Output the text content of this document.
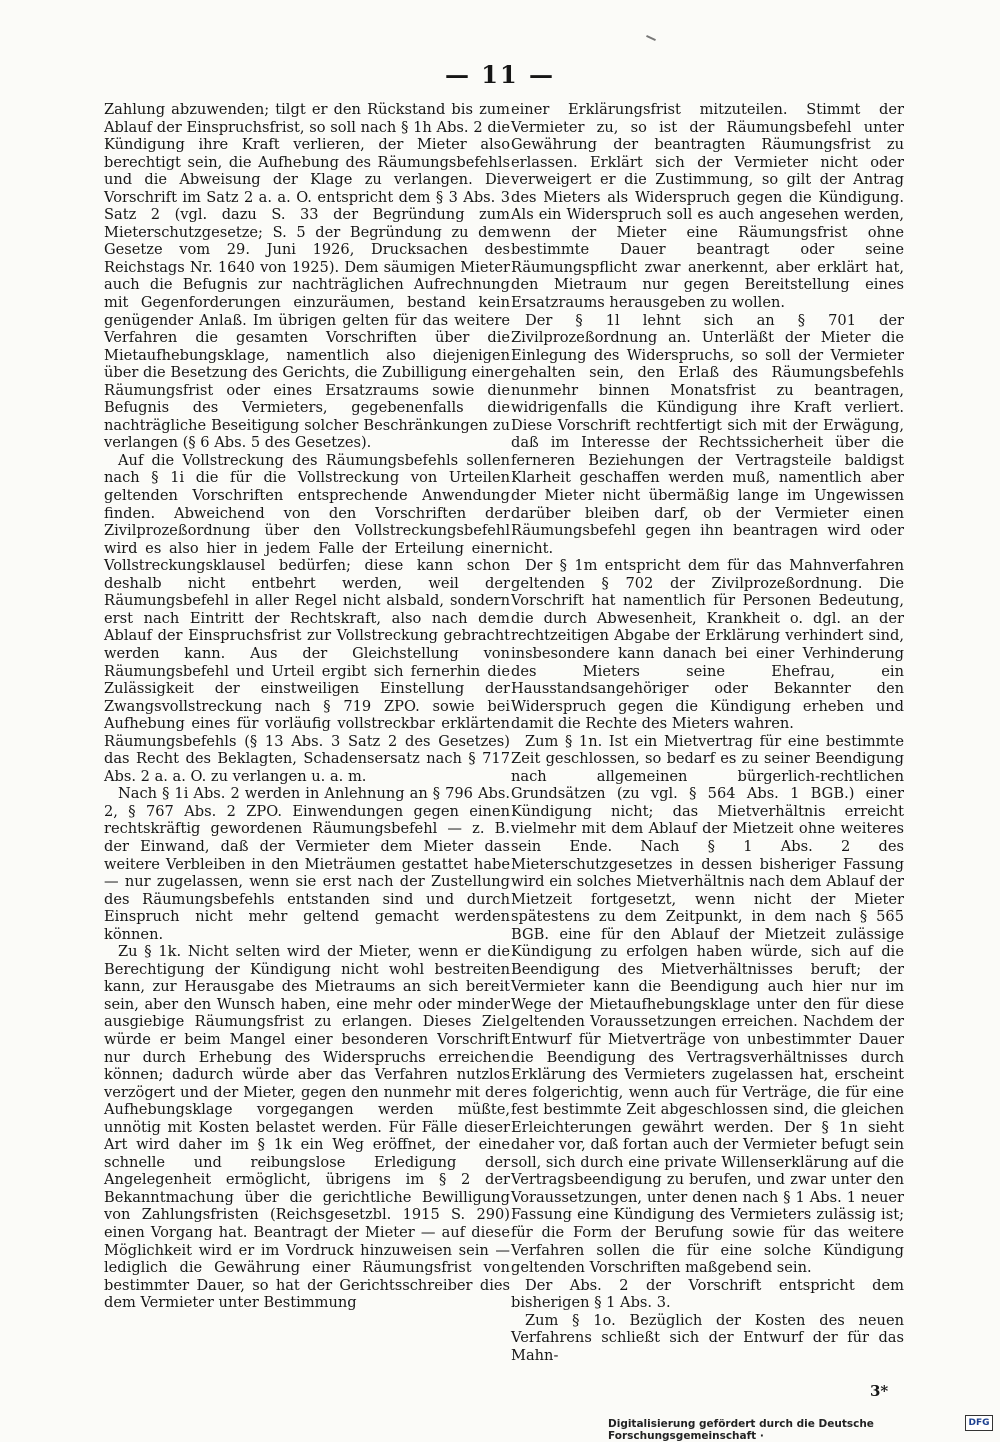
— 11 —

Zahlung abzuwenden; tilgt er den Rückstand bis zum Ablauf der Einspruchsfrist, so soll nach § 1h Abs. 2 die Kündigung ihre Kraft verlieren, der Mieter also berechtigt sein, die Aufhebung des Räumungsbefehls und die Abweisung der Klage zu verlangen. Die Vorschrift im Satz 2 a. a. O. entspricht dem § 3 Abs. 3 Satz 2 (vgl. dazu S. 33 der Begründung zum Mieterschutzgesetze; S. 5 der Begründung zu dem Gesetze vom 29. Juni 1926, Drucksachen des Reichstags Nr. 1640 von 1925). Dem säumigen Mieter auch die Befugnis zur nachträglichen Aufrechnung mit Gegenforderungen einzuräumen, bestand kein genügender Anlaß. Im übrigen gelten für das weitere Verfahren die gesamten Vorschriften über die Mietaufhebungsklage, namentlich also diejenigen über die Besetzung des Gerichts, die Zubilligung einer Räumungsfrist oder eines Ersatzraums sowie die Befugnis des Vermieters, gegebenenfalls die nachträgliche Beseitigung solcher Beschränkungen zu verlangen (§ 6 Abs. 5 des Gesetzes).

Auf die Vollstreckung des Räumungsbefehls sollen nach § 1i die für die Vollstreckung von Urteilen geltenden Vorschriften entsprechende Anwendung finden. Abweichend von den Vorschriften der Zivilprozeßordnung über den Vollstreckungsbefehl wird es also hier in jedem Falle der Erteilung einer Vollstreckungsklausel bedürfen; diese kann schon deshalb nicht entbehrt werden, weil der Räumungsbefehl in aller Regel nicht alsbald, sondern erst nach Eintritt der Rechtskraft, also nach dem Ablauf der Einspruchsfrist zur Vollstreckung gebracht werden kann. Aus der Gleichstellung von Räumungsbefehl und Urteil ergibt sich fernerhin die Zulässigkeit der einstweiligen Einstellung der Zwangsvollstreckung nach § 719 ZPO. sowie bei Aufhebung eines für vorläufig vollstreckbar erklärten Räumungsbefehls (§ 13 Abs. 3 Satz 2 des Gesetzes) das Recht des Beklagten, Schadensersatz nach § 717 Abs. 2 a. a. O. zu verlangen u. a. m.

Nach § 1i Abs. 2 werden in Anlehnung an § 796 Abs. 2, § 767 Abs. 2 ZPO. Einwendungen gegen einen rechtskräftig gewordenen Räumungsbefehl — z. B. der Einwand, daß der Vermieter dem Mieter das weitere Verbleiben in den Mieträumen gestattet habe — nur zugelassen, wenn sie erst nach der Zustellung des Räumungsbefehls entstanden sind und durch Einspruch nicht mehr geltend gemacht werden können.

Zu § 1k. Nicht selten wird der Mieter, wenn er die Berechtigung der Kündigung nicht wohl bestreiten kann, zur Herausgabe des Mietraums an sich bereit sein, aber den Wunsch haben, eine mehr oder minder ausgiebige Räumungsfrist zu erlangen. Dieses Ziel würde er beim Mangel einer besonderen Vorschrift nur durch Erhebung des Widerspruchs erreichen können; dadurch würde aber das Verfahren nutzlos verzögert und der Mieter, gegen den nunmehr mit der Aufhebungsklage vorgegangen werden müßte, unnötig mit Kosten belastet werden. Für Fälle dieser Art wird daher im § 1k ein Weg eröffnet, der eine schnelle und reibungslose Erledigung der Angelegenheit ermöglicht, übrigens im § 2 der Bekanntmachung über die gerichtliche Bewilligung von Zahlungsfristen (Reichsgesetzbl. 1915 S. 290) einen Vorgang hat. Beantragt der Mieter — auf diese Möglichkeit wird er im Vordruck hinzuweisen sein — lediglich die Gewährung einer Räumungsfrist von bestimmter Dauer, so hat der Gerichtsschreiber dies dem Vermieter unter Bestimmung

einer Erklärungsfrist mitzuteilen. Stimmt der Vermieter zu, so ist der Räumungsbefehl unter Gewährung der beantragten Räumungsfrist zu erlassen. Erklärt sich der Vermieter nicht oder verweigert er die Zustimmung, so gilt der Antrag des Mieters als Widerspruch gegen die Kündigung. Als ein Widerspruch soll es auch angesehen werden, wenn der Mieter eine Räumungsfrist ohne bestimmte Dauer beantragt oder seine Räumungspflicht zwar anerkennt, aber erklärt hat, den Mietraum nur gegen Bereitstellung eines Ersatzraums herausgeben zu wollen.

Der § 1l lehnt sich an § 701 der Zivilprozeßordnung an. Unterläßt der Mieter die Einlegung des Widerspruchs, so soll der Vermieter gehalten sein, den Erlaß des Räumungsbefehls nunmehr binnen Monatsfrist zu beantragen, widrigenfalls die Kündigung ihre Kraft verliert. Diese Vorschrift rechtfertigt sich mit der Erwägung, daß im Interesse der Rechtssicherheit über die ferneren Beziehungen der Vertragsteile baldigst Klarheit geschaffen werden muß, namentlich aber der Mieter nicht übermäßig lange im Ungewissen darüber bleiben darf, ob der Vermieter einen Räumungsbefehl gegen ihn beantragen wird oder nicht.

Der § 1m entspricht dem für das Mahnverfahren geltenden § 702 der Zivilprozeßordnung. Die Vorschrift hat namentlich für Personen Bedeutung, die durch Abwesenheit, Krankheit o. dgl. an der rechtzeitigen Abgabe der Erklärung verhindert sind, insbesondere kann danach bei einer Verhinderung des Mieters seine Ehefrau, ein Hausstandsangehöriger oder Bekannter den Widerspruch gegen die Kündigung erheben und damit die Rechte des Mieters wahren.

Zum § 1n. Ist ein Mietvertrag für eine bestimmte Zeit geschlossen, so bedarf es zu seiner Beendigung nach allgemeinen bürgerlich-rechtlichen Grundsätzen (zu vgl. § 564 Abs. 1 BGB.) einer Kündigung nicht; das Mietverhältnis erreicht vielmehr mit dem Ablauf der Mietzeit ohne weiteres sein Ende. Nach § 1 Abs. 2 des Mieterschutzgesetzes in dessen bisheriger Fassung wird ein solches Mietverhältnis nach dem Ablauf der Mietzeit fortgesetzt, wenn nicht der Mieter spätestens zu dem Zeitpunkt, in dem nach § 565 BGB. eine für den Ablauf der Mietzeit zulässige Kündigung zu erfolgen haben würde, sich auf die Beendigung des Mietverhältnisses beruft; der Vermieter kann die Beendigung auch hier nur im Wege der Mietaufhebungsklage unter den für diese geltenden Voraussetzungen erreichen. Nachdem der Entwurf für Mietverträge von unbestimmter Dauer die Beendigung des Vertragsverhältnisses durch Erklärung des Vermieters zugelassen hat, erscheint es folgerichtig, wenn auch für Verträge, die für eine fest bestimmte Zeit abgeschlossen sind, die gleichen Erleichterungen gewährt werden. Der § 1n sieht daher vor, daß fortan auch der Vermieter befugt sein soll, sich durch eine private Willenserklärung auf die Vertragsbeendigung zu berufen, und zwar unter den Voraussetzungen, unter denen nach § 1 Abs. 1 neuer Fassung eine Kündigung des Vermieters zulässig ist; für die Form der Berufung sowie für das weitere Verfahren sollen die für eine solche Kündigung geltenden Vorschriften maßgebend sein.

Der Abs. 2 der Vorschrift entspricht dem bisherigen § 1 Abs. 3.

Zum § 1o. Bezüglich der Kosten des neuen Verfahrens schließt sich der Entwurf der für das Mahn-

3*
Digitalisierung gefördert durch die Deutsche Forschungsgemeinschaft ·
DFG
